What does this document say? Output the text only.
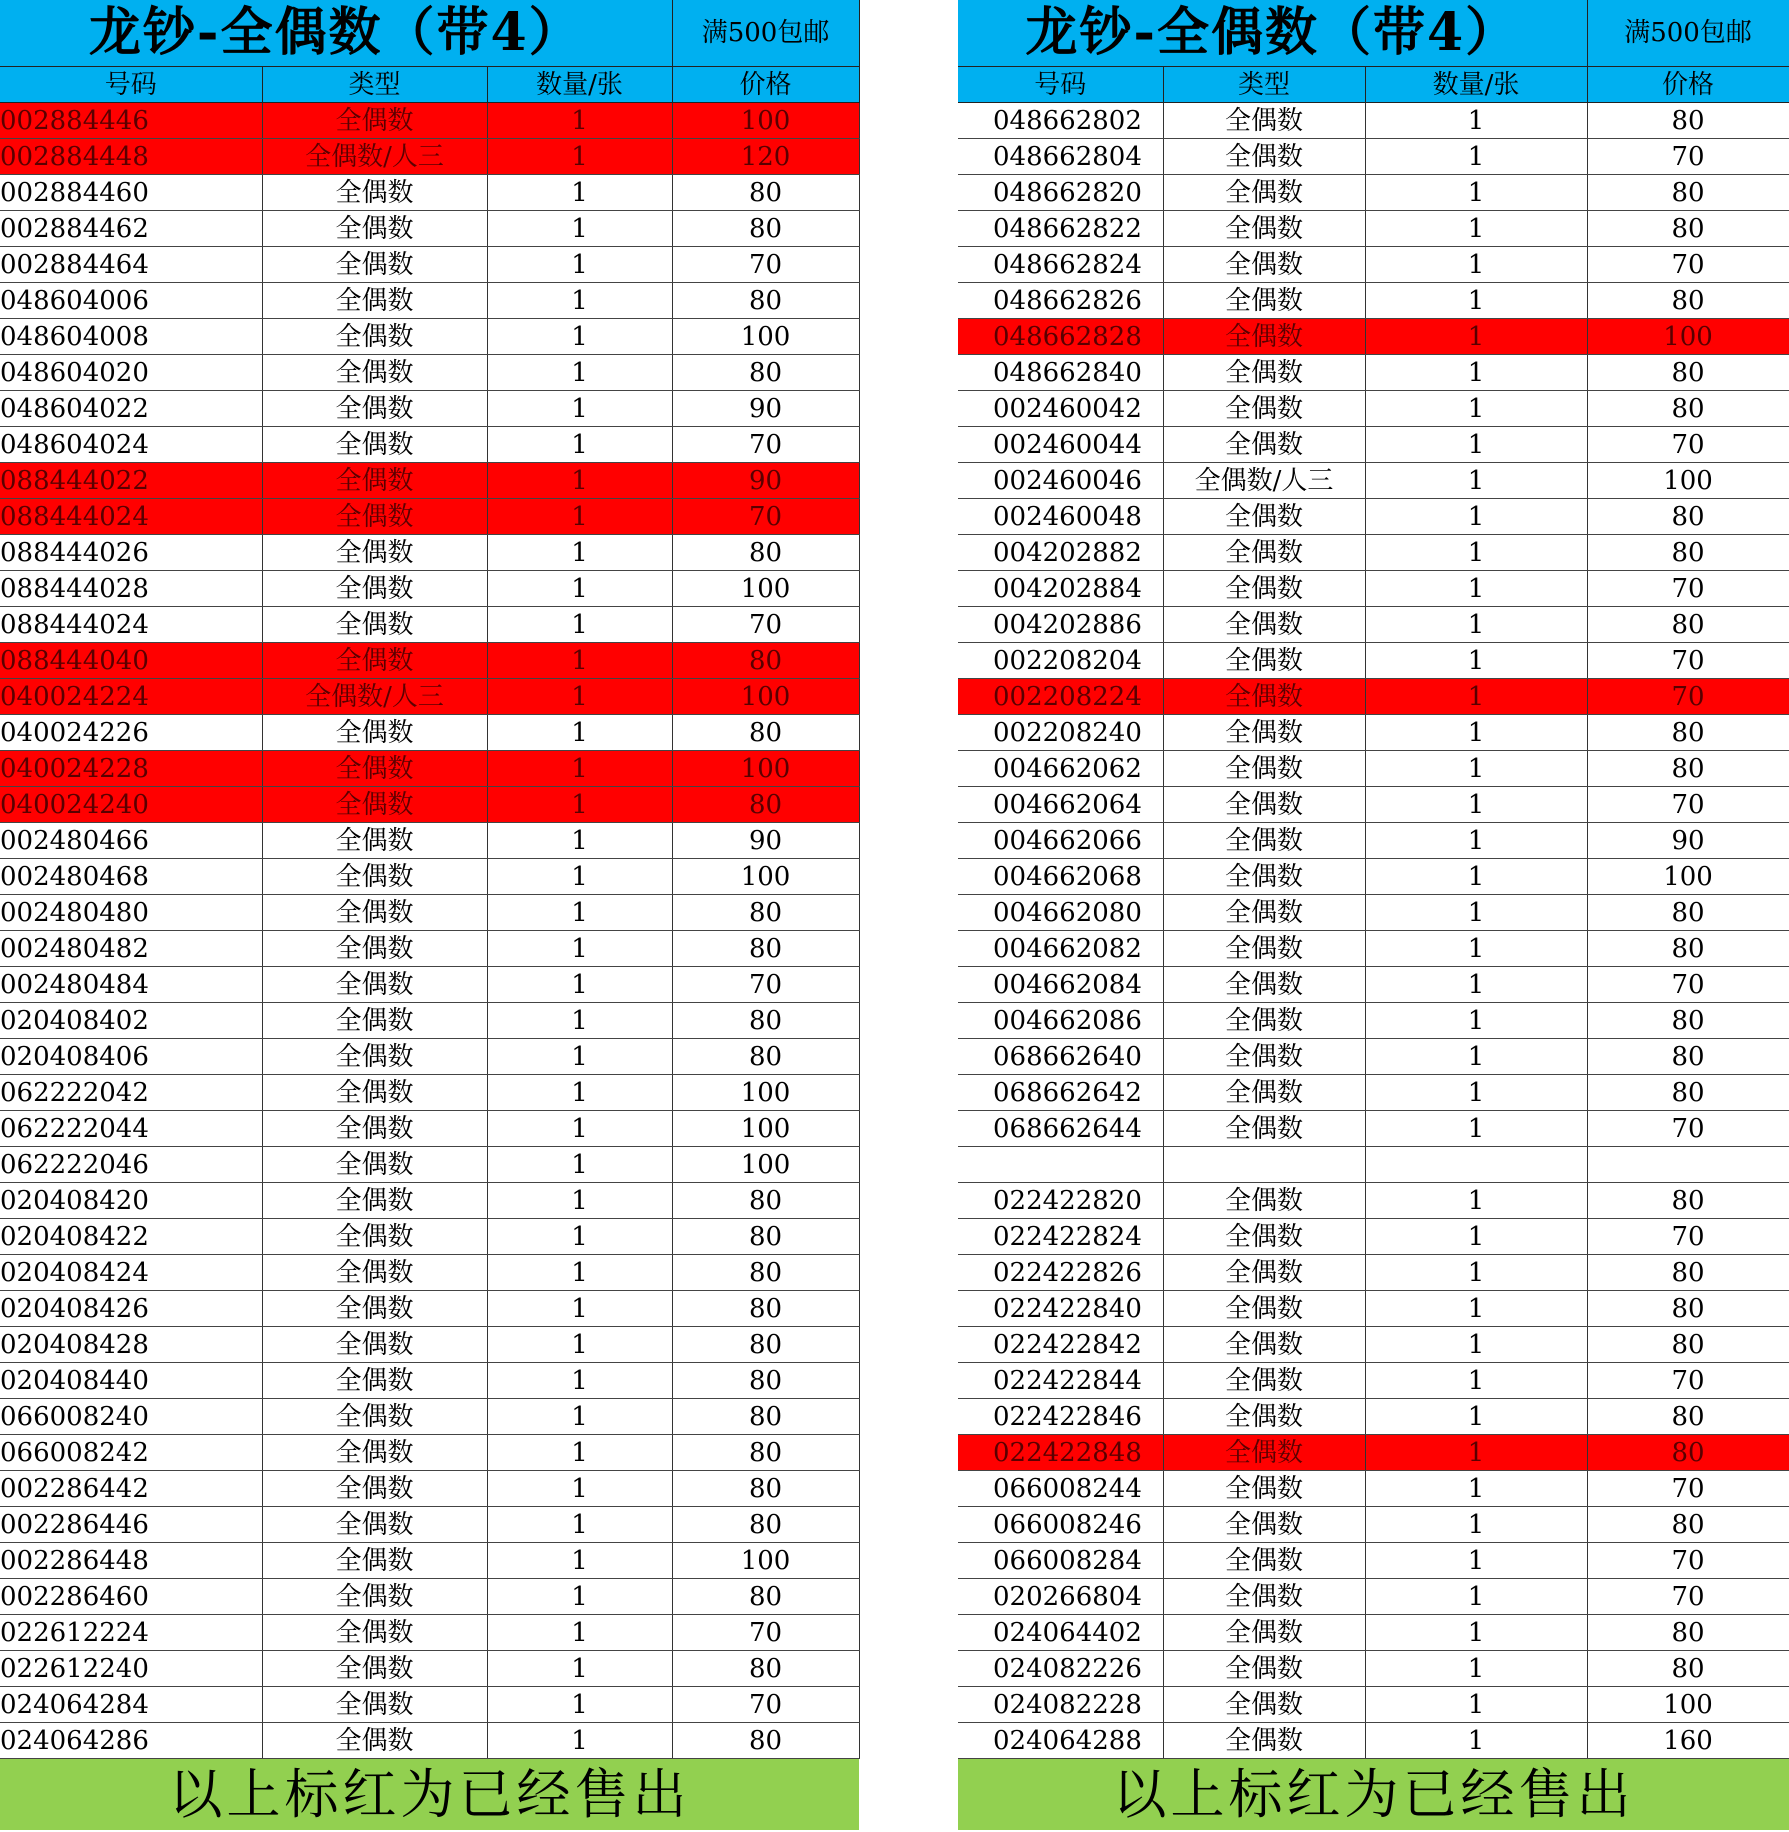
龙钞-全偶数（带4）			满500包邮
号码	类型	数量/张	价格
002884446	全偶数	1	100
002884448	全偶数/人三	1	120
002884460	全偶数	1	80
002884462	全偶数	1	80
002884464	全偶数	1	70
048604006	全偶数	1	80
048604008	全偶数	1	100
048604020	全偶数	1	80
048604022	全偶数	1	90
048604024	全偶数	1	70
088444022	全偶数	1	90
088444024	全偶数	1	70
088444026	全偶数	1	80
088444028	全偶数	1	100
088444024	全偶数	1	70
088444040	全偶数	1	80
040024224	全偶数/人三	1	100
040024226	全偶数	1	80
040024228	全偶数	1	100
040024240	全偶数	1	80
002480466	全偶数	1	90
002480468	全偶数	1	100
002480480	全偶数	1	80
002480482	全偶数	1	80
002480484	全偶数	1	70
020408402	全偶数	1	80
020408406	全偶数	1	80
062222042	全偶数	1	100
062222044	全偶数	1	100
062222046	全偶数	1	100
020408420	全偶数	1	80
020408422	全偶数	1	80
020408424	全偶数	1	80
020408426	全偶数	1	80
020408428	全偶数	1	80
020408440	全偶数	1	80
066008240	全偶数	1	80
066008242	全偶数	1	80
002286442	全偶数	1	80
002286446	全偶数	1	80
002286448	全偶数	1	100
002286460	全偶数	1	80
022612224	全偶数	1	70
022612240	全偶数	1	80
024064284	全偶数	1	70
024064286	全偶数	1	80
以上标红为已经售出			
龙钞-全偶数（带4）			满500包邮
号码	类型	数量/张	价格
048662802	全偶数	1	80
048662804	全偶数	1	70
048662820	全偶数	1	80
048662822	全偶数	1	80
048662824	全偶数	1	70
048662826	全偶数	1	80
048662828	全偶数	1	100
048662840	全偶数	1	80
002460042	全偶数	1	80
002460044	全偶数	1	70
002460046	全偶数/人三	1	100
002460048	全偶数	1	80
004202882	全偶数	1	80
004202884	全偶数	1	70
004202886	全偶数	1	80
002208204	全偶数	1	70
002208224	全偶数	1	70
002208240	全偶数	1	80
004662062	全偶数	1	80
004662064	全偶数	1	70
004662066	全偶数	1	90
004662068	全偶数	1	100
004662080	全偶数	1	80
004662082	全偶数	1	80
004662084	全偶数	1	70
004662086	全偶数	1	80
068662640	全偶数	1	80
068662642	全偶数	1	80
068662644	全偶数	1	70

022422820	全偶数	1	80
022422824	全偶数	1	70
022422826	全偶数	1	80
022422840	全偶数	1	80
022422842	全偶数	1	80
022422844	全偶数	1	70
022422846	全偶数	1	80
022422848	全偶数	1	80
066008244	全偶数	1	70
066008246	全偶数	1	80
066008284	全偶数	1	70
020266804	全偶数	1	70
024064402	全偶数	1	80
024082226	全偶数	1	80
024082228	全偶数	1	100
024064288	全偶数	1	160
以上标红为已经售出			
